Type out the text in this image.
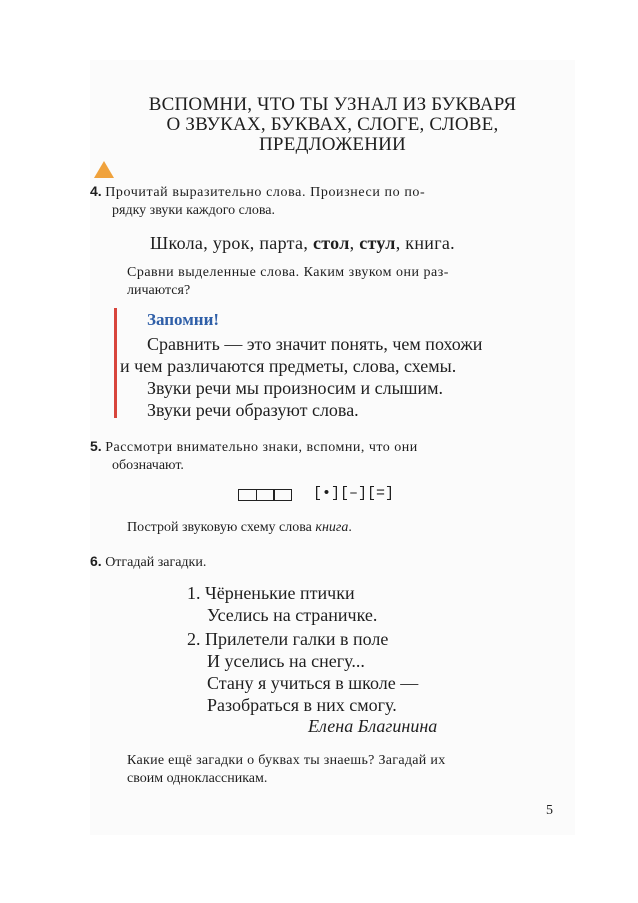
ВСПОМНИ, ЧТО ТЫ УЗНАЛ ИЗ БУКВАРЯ
О ЗВУКАХ, БУКВАХ, СЛОГЕ, СЛОВЕ,
ПРЕДЛОЖЕНИИ
4. Прочитай выразительно слова. Произнеси по по-
рядку звуки каждого слова.
Школа, урок, парта, стол, стул, книга.
Сравни выделенные слова. Каким звуком они раз-
личаются?
Запомни!
Сравнить — это значит понять, чем похожи
и чем различаются предметы, слова, схемы.
Звуки речи мы произносим и слышим.
Звуки речи образуют слова.
5. Рассмотри внимательно знаки, вспомни, что они
обозначают.
[•][–][=]
Построй звуковую схему слова книга.
6. Отгадай загадки.
1. Чёрненькие птички
Уселись на страничке.
2. Прилетели галки в поле
И уселись на снегу...
Стану я учиться в школе —
Разобраться в них смогу.
Елена Благинина
Какие ещё загадки о буквах ты знаешь? Загадай их
своим одноклассникам.
5
